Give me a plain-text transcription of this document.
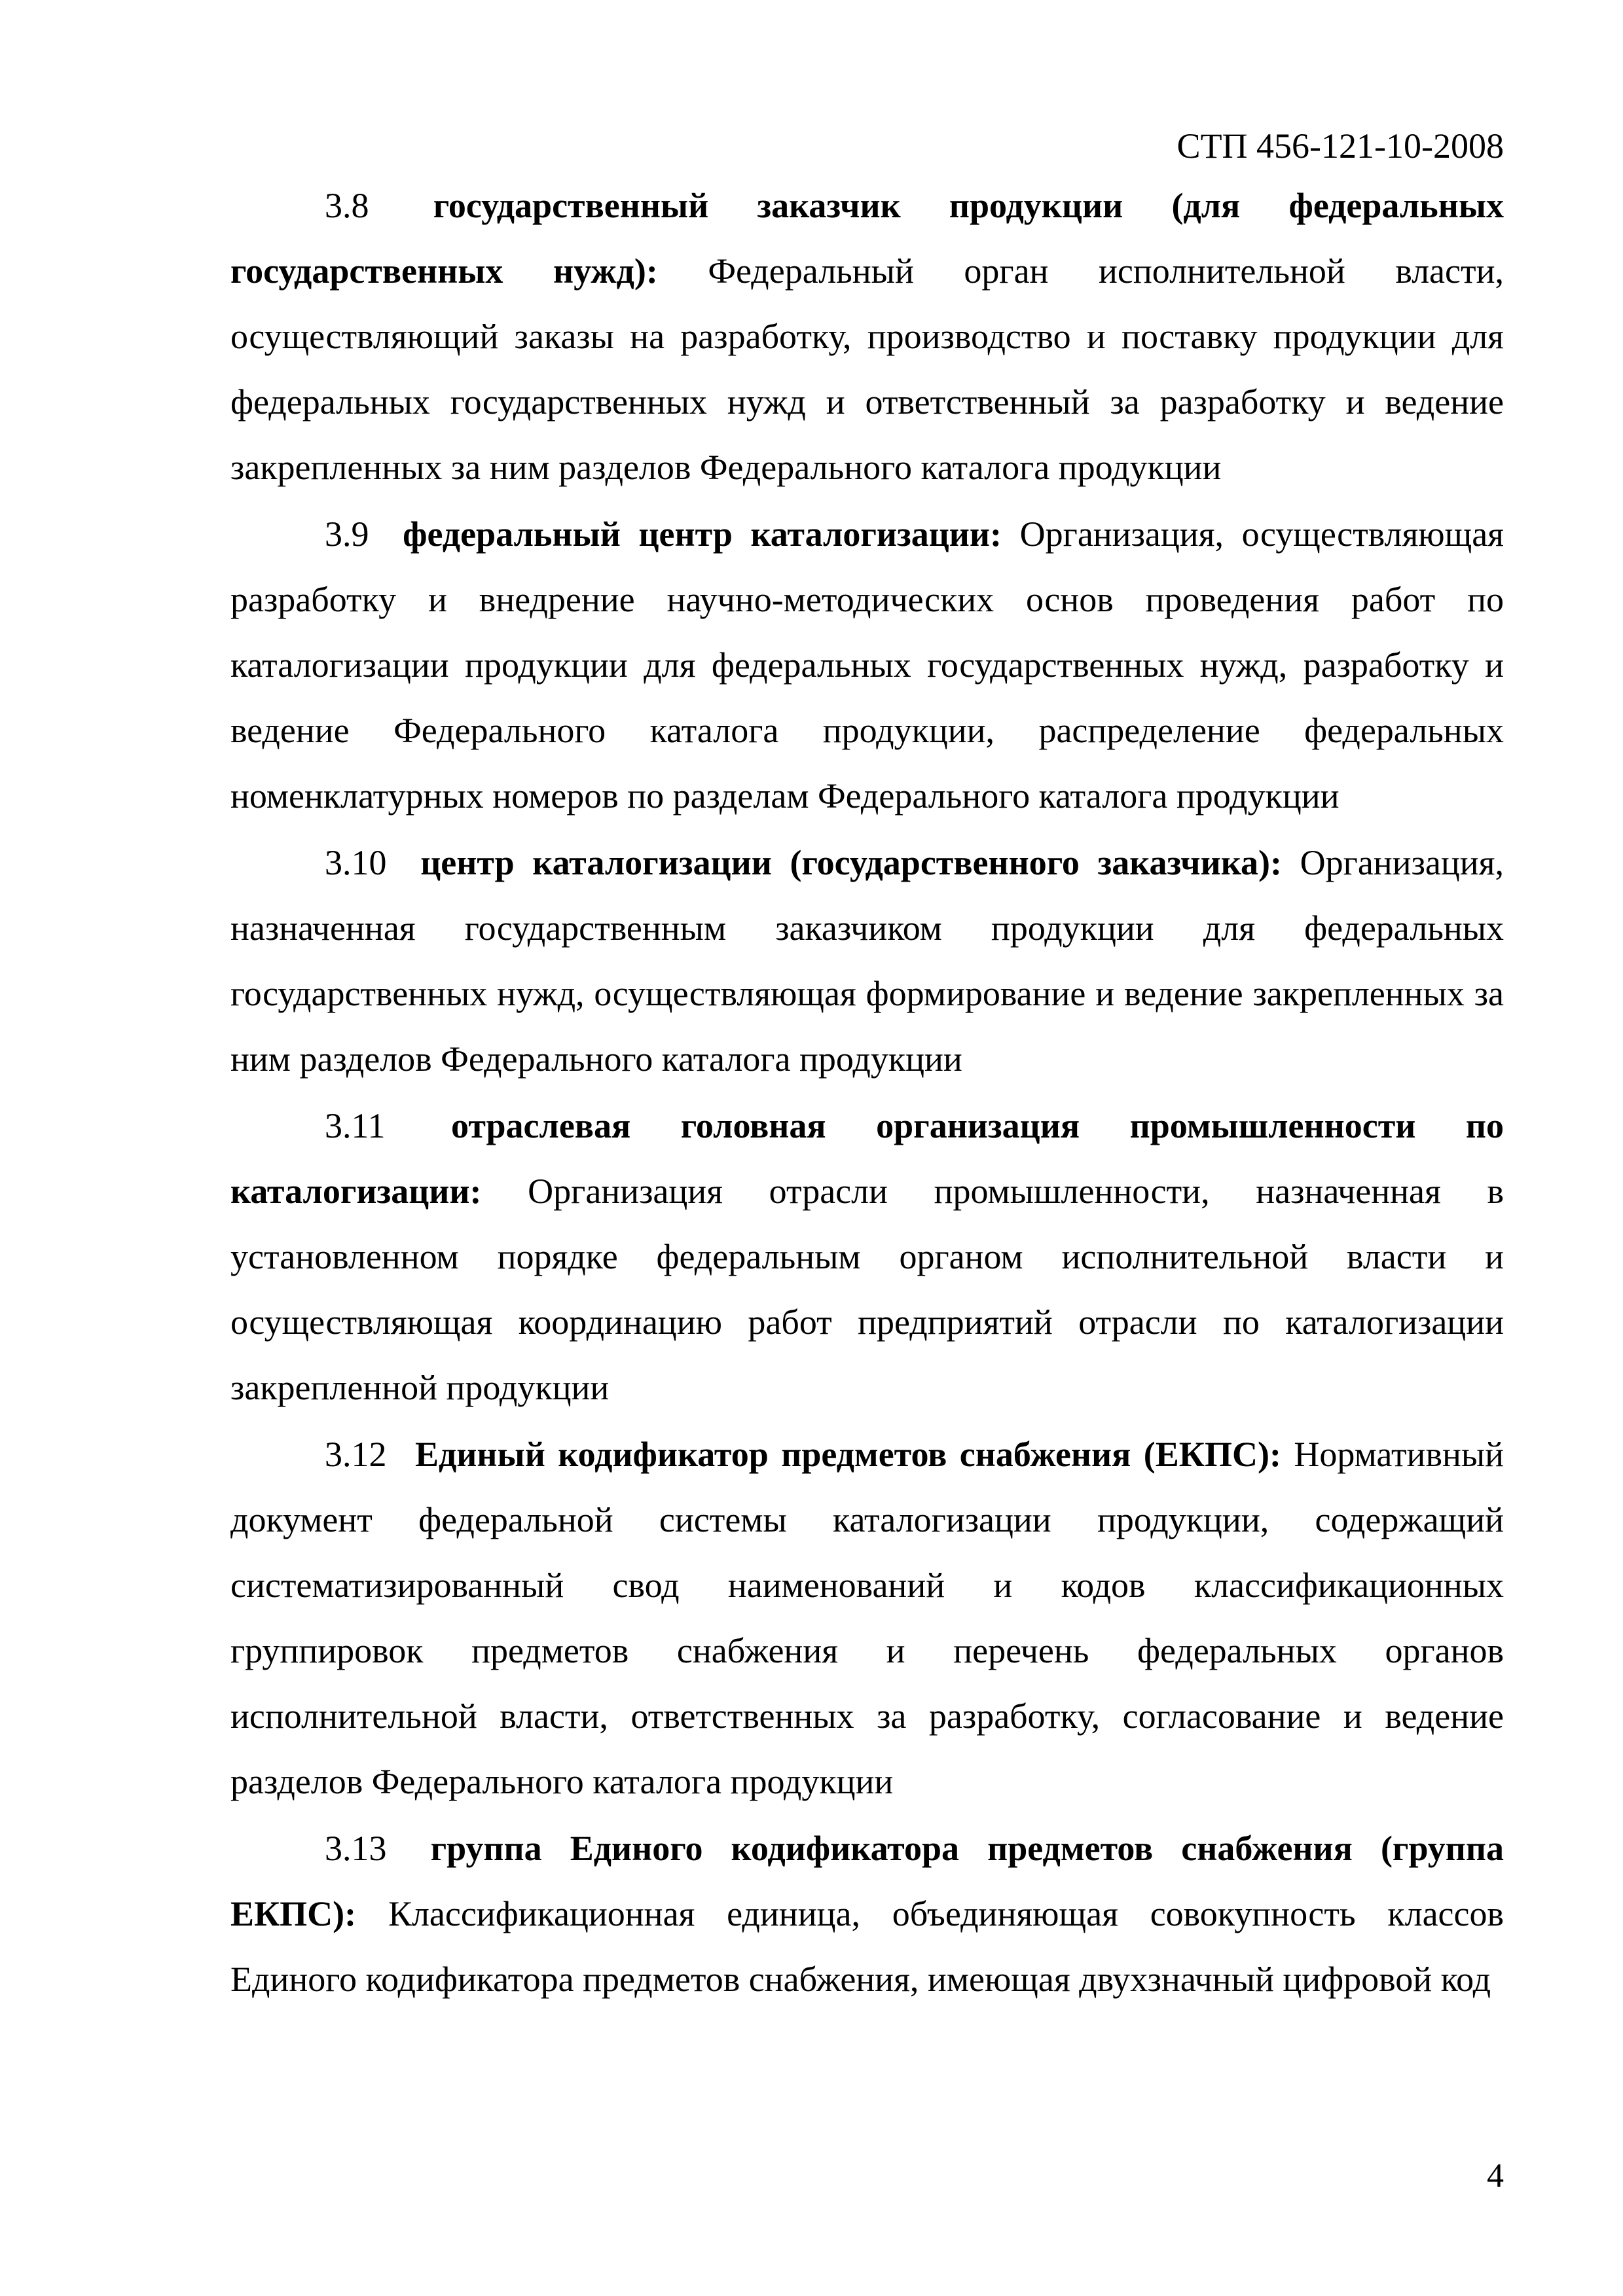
СТП 456-121-10-2008

3.8 государственный заказчик продукции (для федеральных государственных нужд): Федеральный орган исполнительной власти, осуществляющий заказы на разработку, производство и поставку продукции для федеральных государственных нужд и ответственный за разработку и ведение закрепленных за ним разделов Федерального каталога продукции

3.9 федеральный центр каталогизации: Организация, осуществляющая разработку и внедрение научно-методических основ проведения работ по каталогизации продукции для федеральных государственных нужд, разработку и ведение Федерального каталога продукции, распределение федеральных номенклатурных номеров по разделам Федерального каталога продукции

3.10 центр каталогизации (государственного заказчика): Организация, назначенная государственным заказчиком продукции для федеральных государственных нужд, осуществляющая формирование и ведение закрепленных за ним разделов Федерального каталога продукции

3.11 отраслевая головная организация промышленности по каталогизации: Организация отрасли промышленности, назначенная в установленном порядке федеральным органом исполнительной власти и осуществляющая координацию работ предприятий отрасли по каталогизации закрепленной продукции

3.12 Единый кодификатор предметов снабжения (ЕКПС): Нормативный документ федеральной системы каталогизации продукции, содержащий систематизированный свод наименований и кодов классификационных группировок предметов снабжения и перечень федеральных органов исполнительной власти, ответственных за разработку, согласование и ведение разделов Федерального каталога продукции

3.13 группа Единого кодификатора предметов снабжения (группа ЕКПС): Классификационная единица, объединяющая совокупность классов Единого кодификатора предметов снабжения, имеющая двухзначный цифровой код

4
